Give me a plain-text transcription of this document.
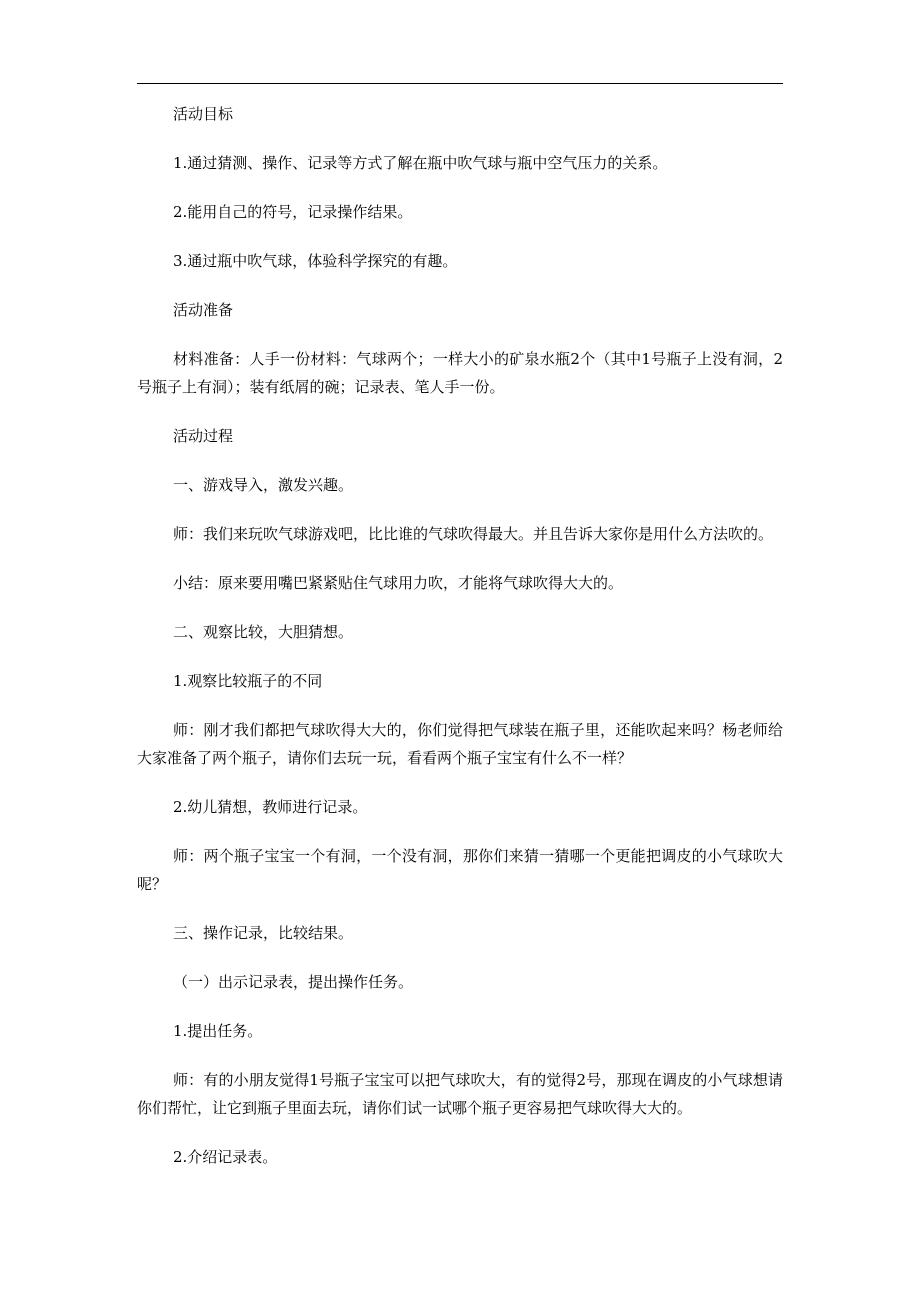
活动目标

1.通过猜测、操作、记录等方式了解在瓶中吹气球与瓶中空气压力的关系。

2.能用自己的符号，记录操作结果。

3.通过瓶中吹气球，体验科学探究的有趣。

活动准备

材料准备：人手一份材料：气球两个；一样大小的矿泉水瓶2个（其中1号瓶子上没有洞，2号瓶子上有洞）；装有纸屑的碗；记录表、笔人手一份。

活动过程

一、游戏导入，激发兴趣。

师：我们来玩吹气球游戏吧，比比谁的气球吹得最大。并且告诉大家你是用什么方法吹的。

小结：原来要用嘴巴紧紧贴住气球用力吹，才能将气球吹得大大的。

二、观察比较，大胆猜想。

1.观察比较瓶子的不同

师：刚才我们都把气球吹得大大的，你们觉得把气球装在瓶子里，还能吹起来吗？杨老师给大家准备了两个瓶子，请你们去玩一玩，看看两个瓶子宝宝有什么不一样？

2.幼儿猜想，教师进行记录。

师：两个瓶子宝宝一个有洞，一个没有洞，那你们来猜一猜哪一个更能把调皮的小气球吹大呢？

三、操作记录，比较结果。

（一）出示记录表，提出操作任务。

1.提出任务。

师：有的小朋友觉得1号瓶子宝宝可以把气球吹大，有的觉得2号，那现在调皮的小气球想请你们帮忙，让它到瓶子里面去玩，请你们试一试哪个瓶子更容易把气球吹得大大的。

2.介绍记录表。
